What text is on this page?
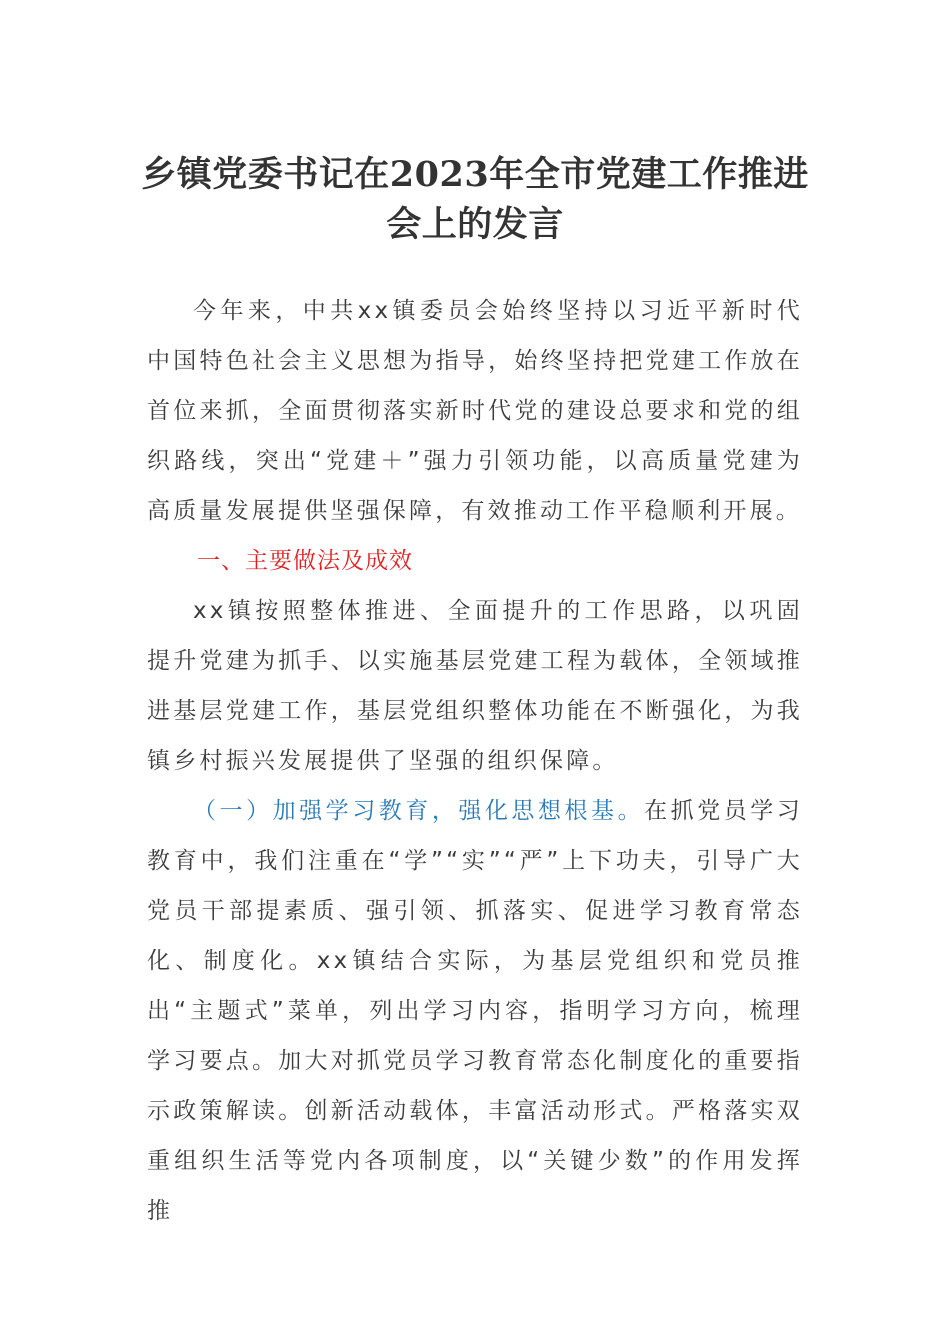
乡镇党委书记在2023年全市党建工作推进
会上的发言

今年来，中共xx镇委员会始终坚持以习近平新时代中国特色社会主义思想为指导，始终坚持把党建工作放在首位来抓，全面贯彻落实新时代党的建设总要求和党的组织路线，突出“党建＋”强力引领功能，以高质量党建为高质量发展提供坚强保障，有效推动工作平稳顺利开展。

一、主要做法及成效

xx镇按照整体推进、全面提升的工作思路，以巩固提升党建为抓手、以实施基层党建工程为载体，全领域推进基层党建工作，基层党组织整体功能在不断强化，为我镇乡村振兴发展提供了坚强的组织保障。

（一）加强学习教育，强化思想根基。在抓党员学习教育中，我们注重在“学”“实”“严”上下功夫，引导广大党员干部提素质、强引领、抓落实、促进学习教育常态化、制度化。xx镇结合实际，为基层党组织和党员推出“主题式”菜单，列出学习内容，指明学习方向，梳理学习要点。加大对抓党员学习教育常态化制度化的重要指示政策解读。创新活动载体，丰富活动形式。严格落实双重组织生活等党内各项制度，以“关键少数”的作用发挥推
